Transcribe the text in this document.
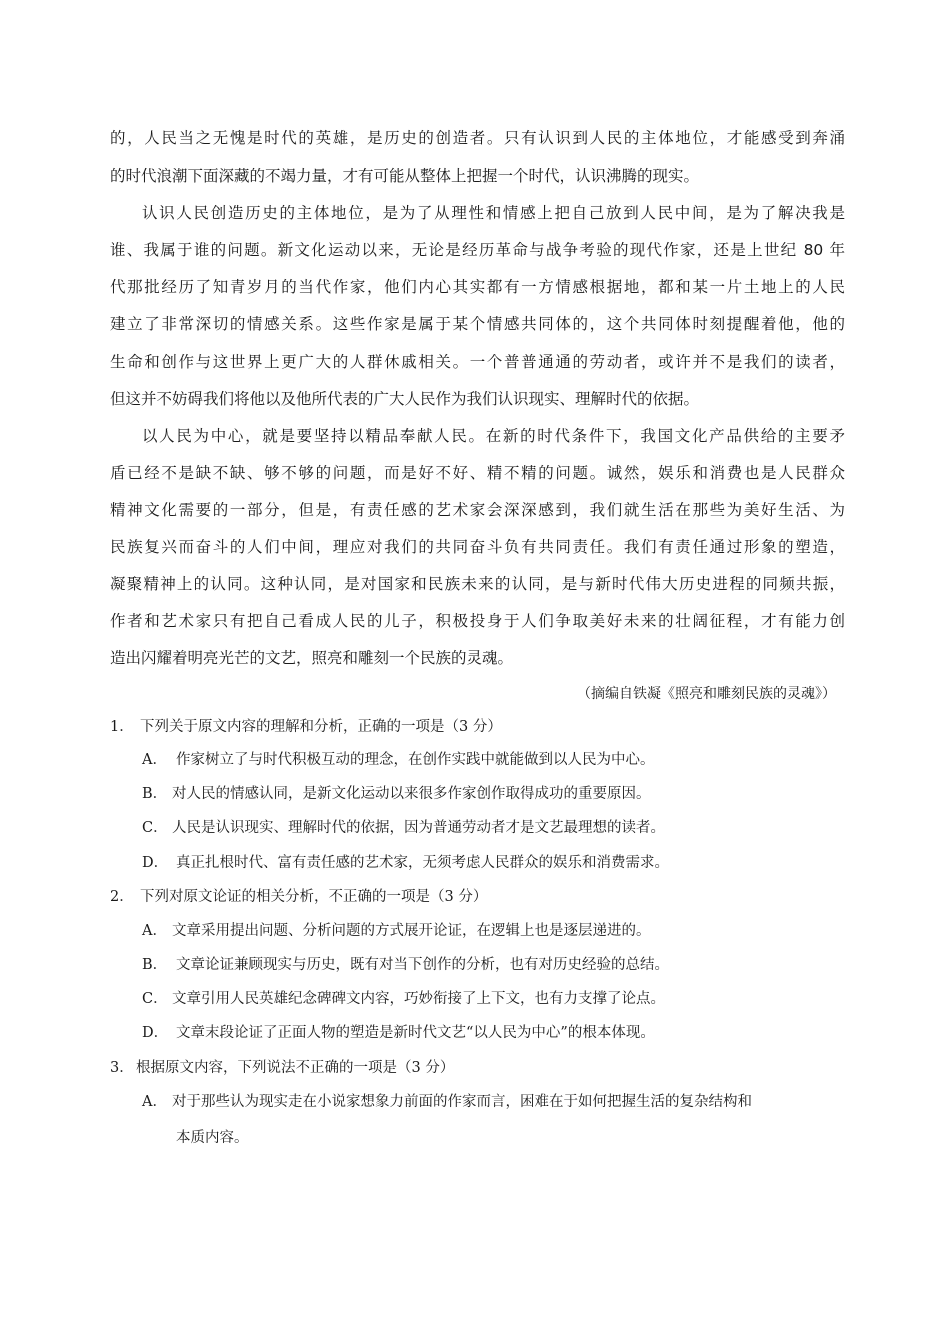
的，人民当之无愧是时代的英雄，是历史的创造者。只有认识到人民的主体地位，才能感受到奔涌
的时代浪潮下面深藏的不竭力量，才有可能从整体上把握一个时代，认识沸腾的现实。
认识人民创造历史的主体地位，是为了从理性和情感上把自己放到人民中间，是为了解决我是
谁、我属于谁的问题。新文化运动以来，无论是经历革命与战争考验的现代作家，还是上世纪 80 年
代那批经历了知青岁月的当代作家，他们内心其实都有一方情感根据地，都和某一片土地上的人民
建立了非常深切的情感关系。这些作家是属于某个情感共同体的，这个共同体时刻提醒着他，他的
生命和创作与这世界上更广大的人群休戚相关。一个普普通通的劳动者，或许并不是我们的读者，
但这并不妨碍我们将他以及他所代表的广大人民作为我们认识现实、理解时代的依据。
以人民为中心，就是要坚持以精品奉献人民。在新的时代条件下，我国文化产品供给的主要矛
盾已经不是缺不缺、够不够的问题，而是好不好、精不精的问题。诚然，娱乐和消费也是人民群众
精神文化需要的一部分，但是，有责任感的艺术家会深深感到，我们就生活在那些为美好生活、为
民族复兴而奋斗的人们中间，理应对我们的共同奋斗负有共同责任。我们有责任通过形象的塑造，
凝聚精神上的认同。这种认同，是对国家和民族未来的认同，是与新时代伟大历史进程的同频共振，
作者和艺术家只有把自己看成人民的儿子，积极投身于人们争取美好未来的壮阔征程，才有能力创
造出闪耀着明亮光芒的文艺，照亮和雕刻一个民族的灵魂。
（摘编自铁凝《照亮和雕刻民族的灵魂》）
1． 下列关于原文内容的理解和分析，正确的一项是（3 分）
A． 作家树立了与时代积极互动的理念，在创作实践中就能做到以人民为中心。
B． 对人民的情感认同，是新文化运动以来很多作家创作取得成功的重要原因。
C． 人民是认识现实、理解时代的依据，因为普通劳动者才是文艺最理想的读者。
D． 真正扎根时代、富有责任感的艺术家，无须考虑人民群众的娱乐和消费需求。
2． 下列对原文论证的相关分析，不正确的一项是（3 分）
A． 文章采用提出问题、分析问题的方式展开论证，在逻辑上也是逐层递进的。
B． 文章论证兼顾现实与历史，既有对当下创作的分析，也有对历史经验的总结。
C． 文章引用人民英雄纪念碑碑文内容，巧妙衔接了上下文，也有力支撑了论点。
D． 文章末段论证了正面人物的塑造是新时代文艺“以人民为中心”的根本体现。
3． 根据原文内容，下列说法不正确的一项是（3 分）
A． 对于那些认为现实走在小说家想象力前面的作家而言，困难在于如何把握生活的复杂结构和
本质内容。
